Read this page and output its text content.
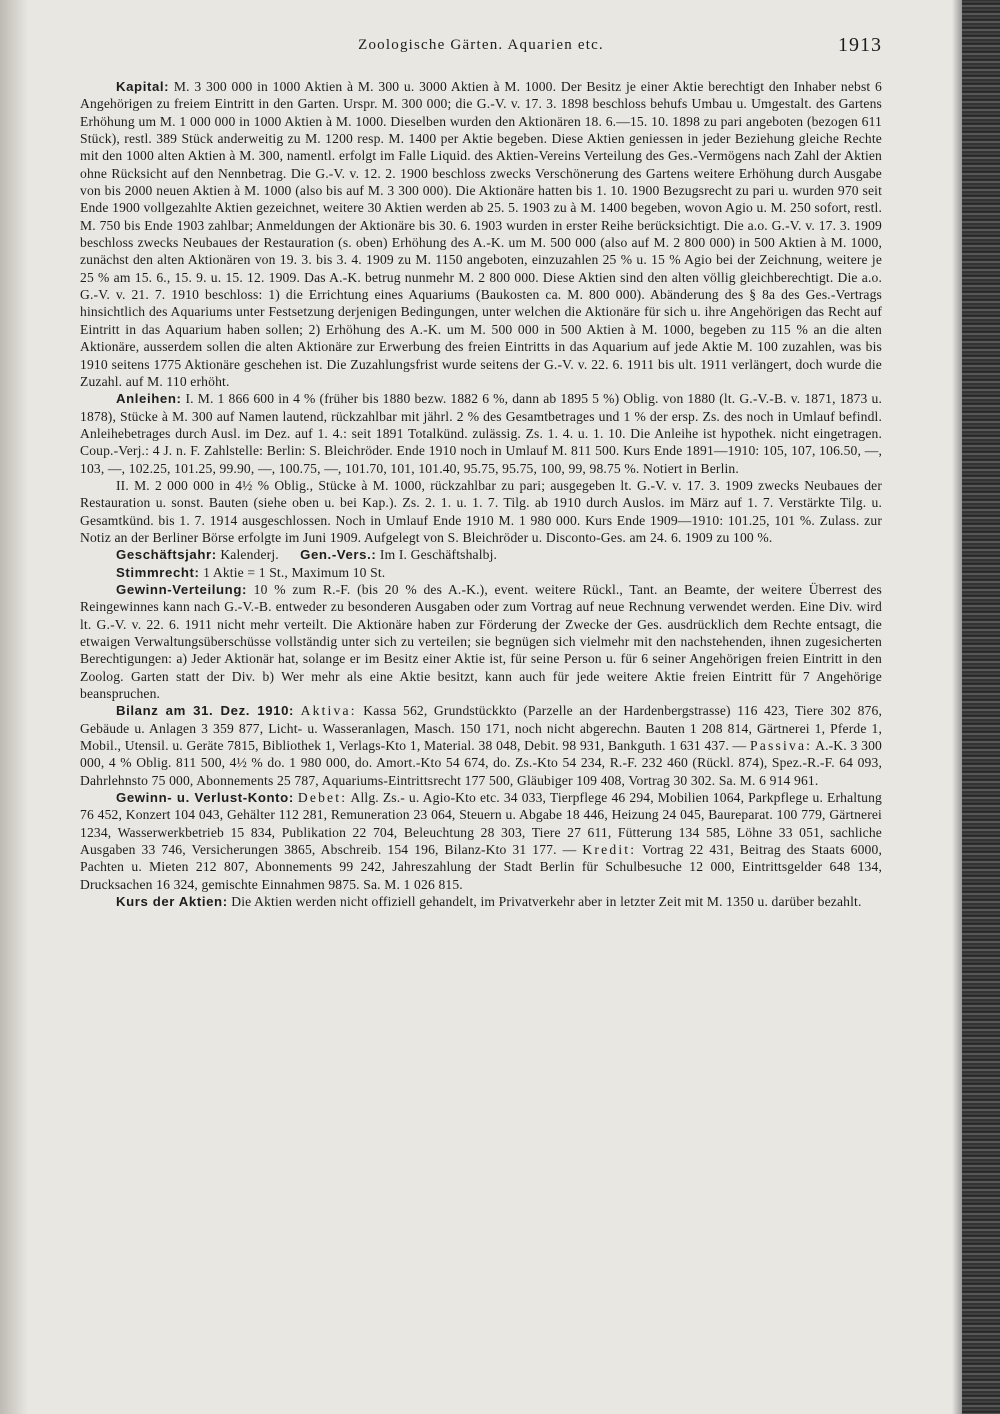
Zoologische Gärten. Aquarien etc.	1913

Kapital: M. 3 300 000 in 1000 Aktien à M. 300 u. 3000 Aktien à M. 1000. Der Besitz je einer Aktie berechtigt den Inhaber nebst 6 Angehörigen zu freiem Eintritt in den Garten. Urspr. M. 300 000; die G.-V. v. 17. 3. 1898 beschloss behufs Umbau u. Umgestalt. des Gartens Erhöhung um M. 1 000 000 in 1000 Aktien à M. 1000. Dieselben wurden den Aktionären 18. 6.—15. 10. 1898 zu pari angeboten (bezogen 611 Stück), restl. 389 Stück anderweitig zu M. 1200 resp. M. 1400 per Aktie begeben. Diese Aktien geniessen in jeder Beziehung gleiche Rechte mit den 1000 alten Aktien à M. 300, namentl. erfolgt im Falle Liquid. des Aktien-Vereins Verteilung des Ges.-Vermögens nach Zahl der Aktien ohne Rücksicht auf den Nennbetrag. Die G.-V. v. 12. 2. 1900 beschloss zwecks Verschönerung des Gartens weitere Erhöhung durch Ausgabe von bis 2000 neuen Aktien à M. 1000 (also bis auf M. 3 300 000). Die Aktionäre hatten bis 1. 10. 1900 Bezugsrecht zu pari u. wurden 970 seit Ende 1900 vollgezahlte Aktien gezeichnet, weitere 30 Aktien werden ab 25. 5. 1903 zu à M. 1400 begeben, wovon Agio u. M. 250 sofort, restl. M. 750 bis Ende 1903 zahlbar; Anmeldungen der Aktionäre bis 30. 6. 1903 wurden in erster Reihe berücksichtigt. Die a.o. G.-V. v. 17. 3. 1909 beschloss zwecks Neubaues der Restauration (s. oben) Erhöhung des A.-K. um M. 500 000 (also auf M. 2 800 000) in 500 Aktien à M. 1000, zunächst den alten Aktionären von 19. 3. bis 3. 4. 1909 zu M. 1150 angeboten, einzuzahlen 25 % u. 15 % Agio bei der Zeichnung, weitere je 25 % am 15. 6., 15. 9. u. 15. 12. 1909. Das A.-K. betrug nunmehr M. 2 800 000. Diese Aktien sind den alten völlig gleichberechtigt. Die a.o. G.-V. v. 21. 7. 1910 beschloss: 1) die Errichtung eines Aquariums (Baukosten ca. M. 800 000). Abänderung des § 8a des Ges.-Vertrags hinsichtlich des Aquariums unter Festsetzung derjenigen Bedingungen, unter welchen die Aktionäre für sich u. ihre Angehörigen das Recht auf Eintritt in das Aquarium haben sollen; 2) Erhöhung des A.-K. um M. 500 000 in 500 Aktien à M. 1000, begeben zu 115 % an die alten Aktionäre, ausserdem sollen die alten Aktionäre zur Erwerbung des freien Eintritts in das Aquarium auf jede Aktie M. 100 zuzahlen, was bis 1910 seitens 1775 Aktionäre geschehen ist. Die Zuzahlungsfrist wurde seitens der G.-V. v. 22. 6. 1911 bis ult. 1911 verlängert, doch wurde die Zuzahl. auf M. 110 erhöht.

Anleihen: I. M. 1 866 600 in 4 % (früher bis 1880 bezw. 1882 6 %, dann ab 1895 5 %) Oblig. von 1880 (lt. G.-V.-B. v. 1871, 1873 u. 1878), Stücke à M. 300 auf Namen lautend, rückzahlbar mit jährl. 2 % des Gesamtbetrages und 1 % der ersp. Zs. des noch in Umlauf befindl. Anleihebetrages durch Ausl. im Dez. auf 1. 4.: seit 1891 Totalkünd. zulässig. Zs. 1. 4. u. 1. 10. Die Anleihe ist hypothek. nicht eingetragen. Coup.-Verj.: 4 J. n. F. Zahlstelle: Berlin: S. Bleichröder. Ende 1910 noch in Umlauf M. 811 500. Kurs Ende 1891—1910: 105, 107, 106.50, —, 103, —, 102.25, 101.25, 99.90, —, 100.75, —, 101.70, 101, 101.40, 95.75, 95.75, 100, 99, 98.75 %. Notiert in Berlin.

II. M. 2 000 000 in 4½ % Oblig., Stücke à M. 1000, rückzahlbar zu pari; ausgegeben lt. G.-V. v. 17. 3. 1909 zwecks Neubaues der Restauration u. sonst. Bauten (siehe oben u. bei Kap.). Zs. 2. 1. u. 1. 7. Tilg. ab 1910 durch Auslos. im März auf 1. 7. Verstärkte Tilg. u. Gesamtkünd. bis 1. 7. 1914 ausgeschlossen. Noch in Umlauf Ende 1910 M. 1 980 000. Kurs Ende 1909—1910: 101.25, 101 %. Zulass. zur Notiz an der Berliner Börse erfolgte im Juni 1909. Aufgelegt von S. Bleichröder u. Disconto-Ges. am 24. 6. 1909 zu 100 %.

Geschäftsjahr: Kalenderj. Gen.-Vers.: Im I. Geschäftshalbj.

Stimmrecht: 1 Aktie = 1 St., Maximum 10 St.

Gewinn-Verteilung: 10 % zum R.-F. (bis 20 % des A.-K.), event. weitere Rückl., Tant. an Beamte, der weitere Überrest des Reingewinnes kann nach G.-V.-B. entweder zu besonderen Ausgaben oder zum Vortrag auf neue Rechnung verwendet werden. Eine Div. wird lt. G.-V. v. 22. 6. 1911 nicht mehr verteilt. Die Aktionäre haben zur Förderung der Zwecke der Ges. ausdrücklich dem Rechte entsagt, die etwaigen Verwaltungsüberschüsse vollständig unter sich zu verteilen; sie begnügen sich vielmehr mit den nachstehenden, ihnen zugesicherten Berechtigungen: a) Jeder Aktionär hat, solange er im Besitz einer Aktie ist, für seine Person u. für 6 seiner Angehörigen freien Eintritt in den Zoolog. Garten statt der Div. b) Wer mehr als eine Aktie besitzt, kann auch für jede weitere Aktie freien Eintritt für 7 Angehörige beanspruchen.

Bilanz am 31. Dez. 1910: Aktiva: Kassa 562, Grundstückkto (Parzelle an der Hardenbergstrasse) 116 423, Tiere 302 876, Gebäude u. Anlagen 3 359 877, Licht- u. Wasseranlagen, Masch. 150 171, noch nicht abgerechn. Bauten 1 208 814, Gärtnerei 1, Pferde 1, Mobil., Utensil. u. Geräte 7815, Bibliothek 1, Verlags-Kto 1, Material. 38 048, Debit. 98 931, Bankguth. 1 631 437. — Passiva: A.-K. 3 300 000, 4 % Oblig. 811 500, 4½ % do. 1 980 000, do. Amort.-Kto 54 674, do. Zs.-Kto 54 234, R.-F. 232 460 (Rückl. 874), Spez.-R.-F. 64 093, Dahrlehnsto 75 000, Abonnements 25 787, Aquariums-Eintrittsrecht 177 500, Gläubiger 109 408, Vortrag 30 302. Sa. M. 6 914 961.

Gewinn- u. Verlust-Konto: Debet: Allg. Zs.- u. Agio-Kto etc. 34 033, Tierpflege 46 294, Mobilien 1064, Parkpflege u. Erhaltung 76 452, Konzert 104 043, Gehälter 112 281, Remuneration 23 064, Steuern u. Abgabe 18 446, Heizung 24 045, Baureparat. 100 779, Gärtnerei 1234, Wasserwerkbetrieb 15 834, Publikation 22 704, Beleuchtung 28 303, Tiere 27 611, Fütterung 134 585, Löhne 33 051, sachliche Ausgaben 33 746, Versicherungen 3865, Abschreib. 154 196, Bilanz-Kto 31 177. — Kredit: Vortrag 22 431, Beitrag des Staats 6000, Pachten u. Mieten 212 807, Abonnements 99 242, Jahreszahlung der Stadt Berlin für Schulbesuche 12 000, Eintrittsgelder 648 134, Drucksachen 16 324, gemischte Einnahmen 9875. Sa. M. 1 026 815.

Kurs der Aktien: Die Aktien werden nicht offiziell gehandelt, im Privatverkehr aber in letzter Zeit mit M. 1350 u. darüber bezahlt.
